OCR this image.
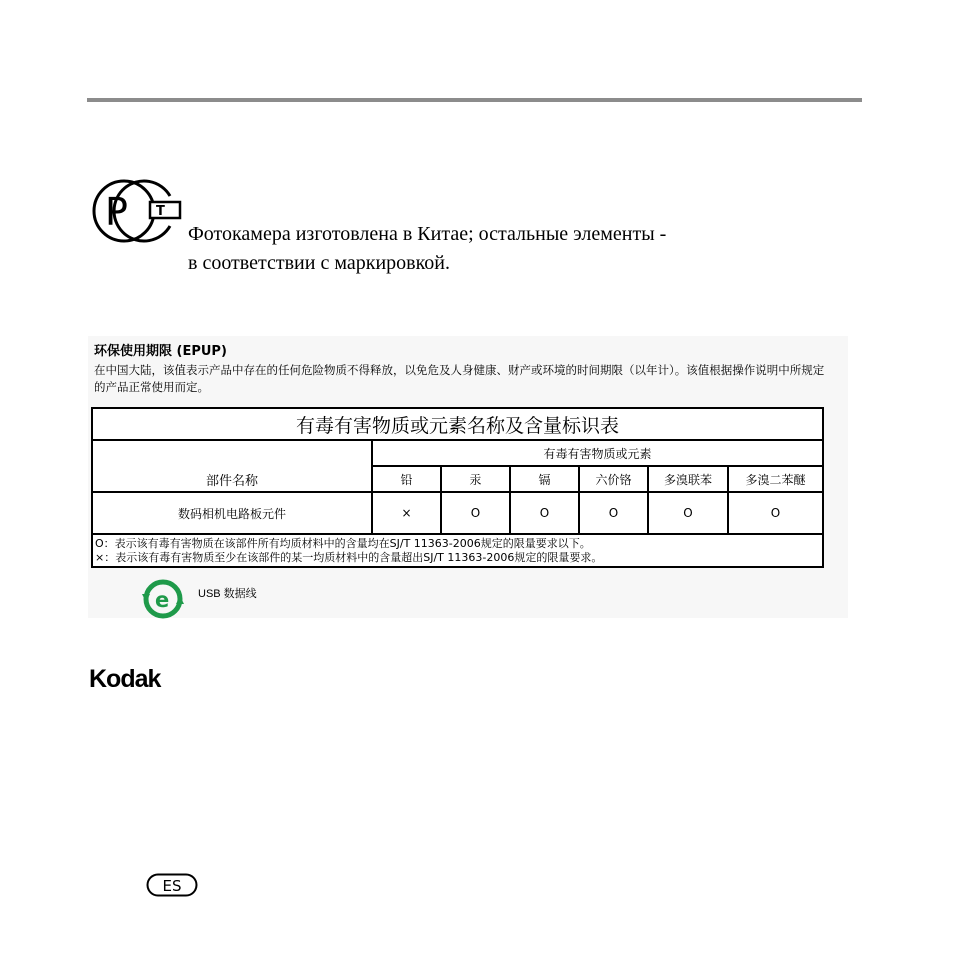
P T
Фотокамера изготовлена в Китае; остальные элементы -
в соответствии с маркировкой.
环保使用期限 (EPUP)
在中国大陆，该值表示产品中存在的任何危险物质不得释放，以免危及人身健康、财产或环境的时间期限（以年计）。该值根据操作说明中所规定的产品正常使用而定。
有毒有害物质或元素名称及含量标识表						
部件名称	有毒有害物质或元素					
	铅	汞	镉	六价铬	多溴联苯	多溴二苯醚
数码相机电路板元件	×	O	O	O	O	O

O：表示该有毒有害物质在该部件所有均质材料中的含量均在SJ/T 11363-2006规定的限量要求以下。
×：表示该有毒有害物质至少在该部件的某一均质材料中的含量超出SJ/T 11363-2006规定的限量要求。						
e	USB 数据线
Kodak
ES
